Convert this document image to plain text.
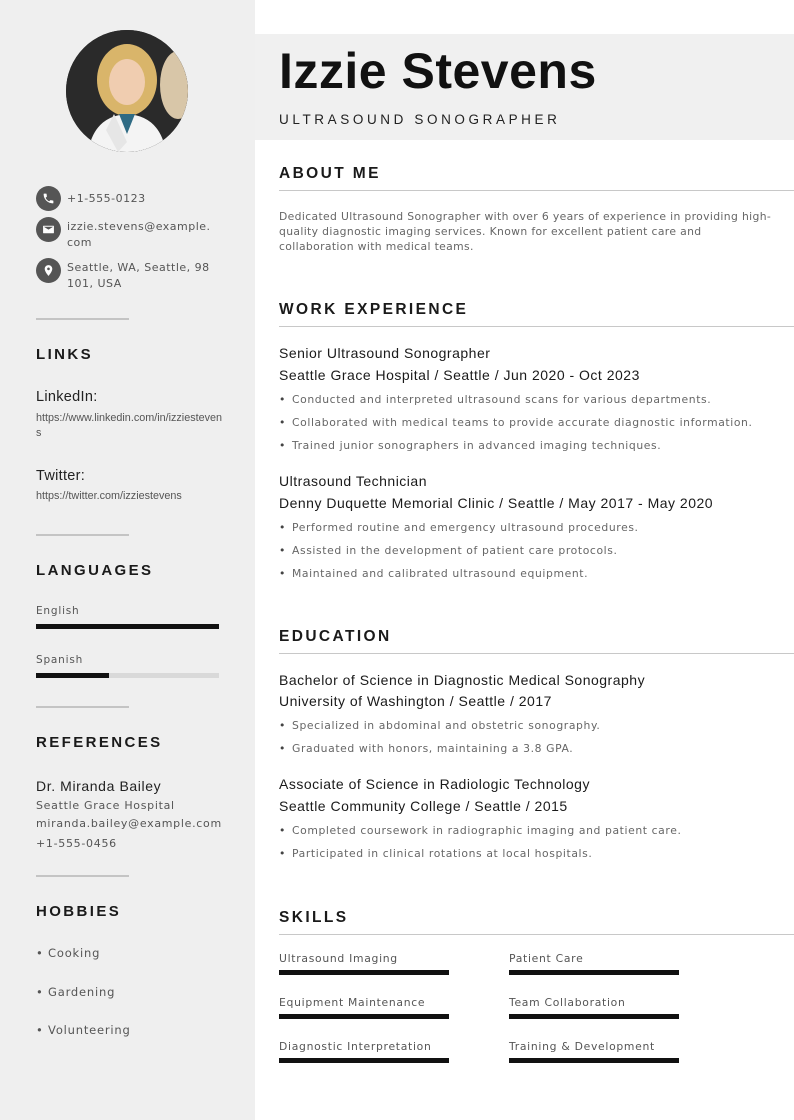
+1-555-0123
izzie.stevens@example.com
Seattle, WA, Seattle, 98101, USA
LINKS
LinkedIn:
https://www.linkedin.com/in/izziestevens
Twitter:
https://twitter.com/izziestevens
LANGUAGES
English
Spanish
REFERENCES
Dr. Miranda Bailey
Seattle Grace Hospital
miranda.bailey@example.com
+1-555-0456
HOBBIES
• Cooking
• Gardening
• Volunteering
Izzie Stevens
ULTRASOUND SONOGRAPHER
ABOUT ME
Dedicated Ultrasound Sonographer with over 6 years of experience in providing high-quality diagnostic imaging services. Known for excellent patient care and collaboration with medical teams.
WORK EXPERIENCE
Senior Ultrasound Sonographer
Seattle Grace Hospital / Seattle / Jun 2020 - Oct 2023
• Conducted and interpreted ultrasound scans for various departments.
• Collaborated with medical teams to provide accurate diagnostic information.
• Trained junior sonographers in advanced imaging techniques.
Ultrasound Technician
Denny Duquette Memorial Clinic / Seattle / May 2017 - May 2020
• Performed routine and emergency ultrasound procedures.
• Assisted in the development of patient care protocols.
• Maintained and calibrated ultrasound equipment.
EDUCATION
Bachelor of Science in Diagnostic Medical Sonography
University of Washington / Seattle / 2017
• Specialized in abdominal and obstetric sonography.
• Graduated with honors, maintaining a 3.8 GPA.
Associate of Science in Radiologic Technology
Seattle Community College / Seattle / 2015
• Completed coursework in radiographic imaging and patient care.
• Participated in clinical rotations at local hospitals.
SKILLS
Ultrasound Imaging	Patient Care
Equipment Maintenance	Team Collaboration
Diagnostic Interpretation	Training & Development
